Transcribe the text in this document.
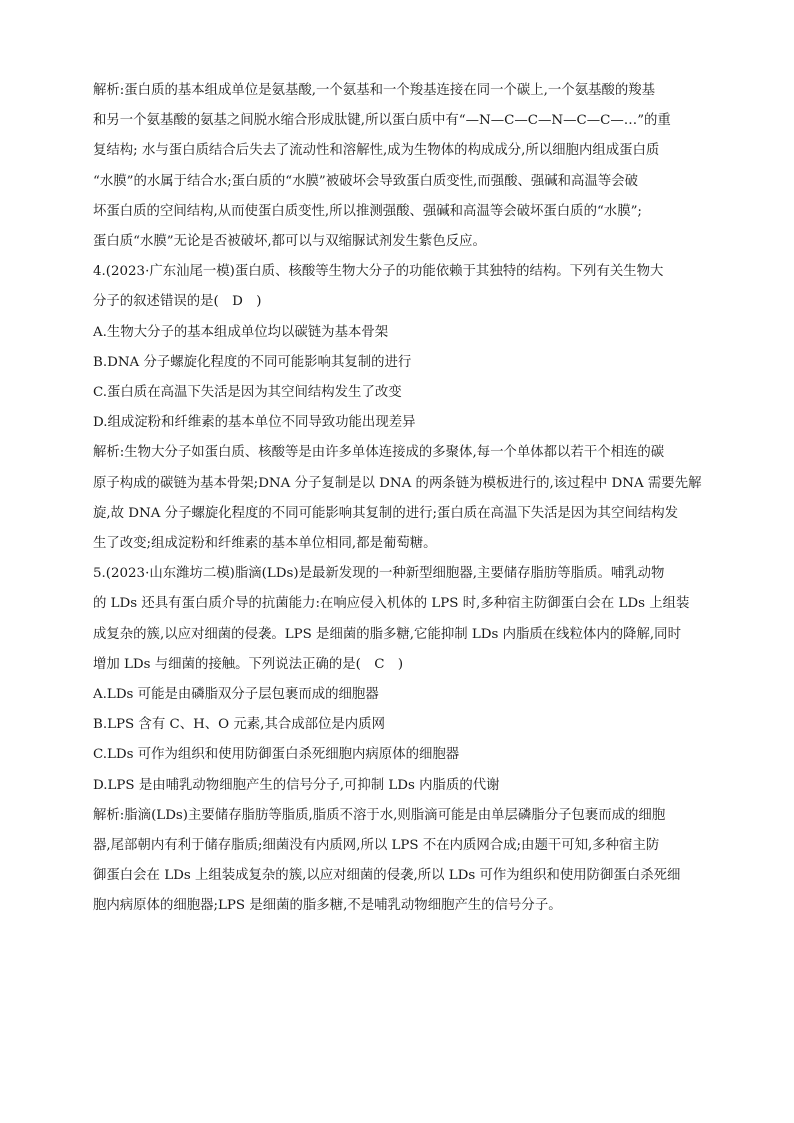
解析:蛋白质的基本组成单位是氨基酸,一个氨基和一个羧基连接在同一个碳上,一个氨基酸的羧基
和另一个氨基酸的氨基之间脱水缩合形成肽键,所以蛋白质中有“—N—C—C—N—C—C—…”的重
复结构; 水与蛋白质结合后失去了流动性和溶解性,成为生物体的构成成分,所以细胞内组成蛋白质
“水膜”的水属于结合水;蛋白质的“水膜”被破坏会导致蛋白质变性,而强酸、强碱和高温等会破
坏蛋白质的空间结构,从而使蛋白质变性,所以推测强酸、强碱和高温等会破坏蛋白质的“水膜”;
蛋白质“水膜”无论是否被破坏,都可以与双缩脲试剂发生紫色反应。
4.(2023·广东汕尾一模)蛋白质、核酸等生物大分子的功能依赖于其独特的结构。下列有关生物大
分子的叙述错误的是(　D　)
A.生物大分子的基本组成单位均以碳链为基本骨架
B.DNA 分子螺旋化程度的不同可能影响其复制的进行
C.蛋白质在高温下失活是因为其空间结构发生了改变
D.组成淀粉和纤维素的基本单位不同导致功能出现差异
解析:生物大分子如蛋白质、核酸等是由许多单体连接成的多聚体,每一个单体都以若干个相连的碳
原子构成的碳链为基本骨架;DNA 分子复制是以 DNA 的两条链为模板进行的,该过程中 DNA 需要先解
旋,故 DNA 分子螺旋化程度的不同可能影响其复制的进行;蛋白质在高温下失活是因为其空间结构发
生了改变;组成淀粉和纤维素的基本单位相同,都是葡萄糖。
5.(2023·山东潍坊二模)脂滴(LDs)是最新发现的一种新型细胞器,主要储存脂肪等脂质。哺乳动物
的 LDs 还具有蛋白质介导的抗菌能力:在响应侵入机体的 LPS 时,多种宿主防御蛋白会在 LDs 上组装
成复杂的簇,以应对细菌的侵袭。LPS 是细菌的脂多糖,它能抑制 LDs 内脂质在线粒体内的降解,同时
增加 LDs 与细菌的接触。下列说法正确的是(　C　)
A.LDs 可能是由磷脂双分子层包裹而成的细胞器
B.LPS 含有 C、H、O 元素,其合成部位是内质网
C.LDs 可作为组织和使用防御蛋白杀死细胞内病原体的细胞器
D.LPS 是由哺乳动物细胞产生的信号分子,可抑制 LDs 内脂质的代谢
解析:脂滴(LDs)主要储存脂肪等脂质,脂质不溶于水,则脂滴可能是由单层磷脂分子包裹而成的细胞
器,尾部朝内有利于储存脂质;细菌没有内质网,所以 LPS 不在内质网合成;由题干可知,多种宿主防
御蛋白会在 LDs 上组装成复杂的簇,以应对细菌的侵袭,所以 LDs 可作为组织和使用防御蛋白杀死细
胞内病原体的细胞器;LPS 是细菌的脂多糖,不是哺乳动物细胞产生的信号分子。
